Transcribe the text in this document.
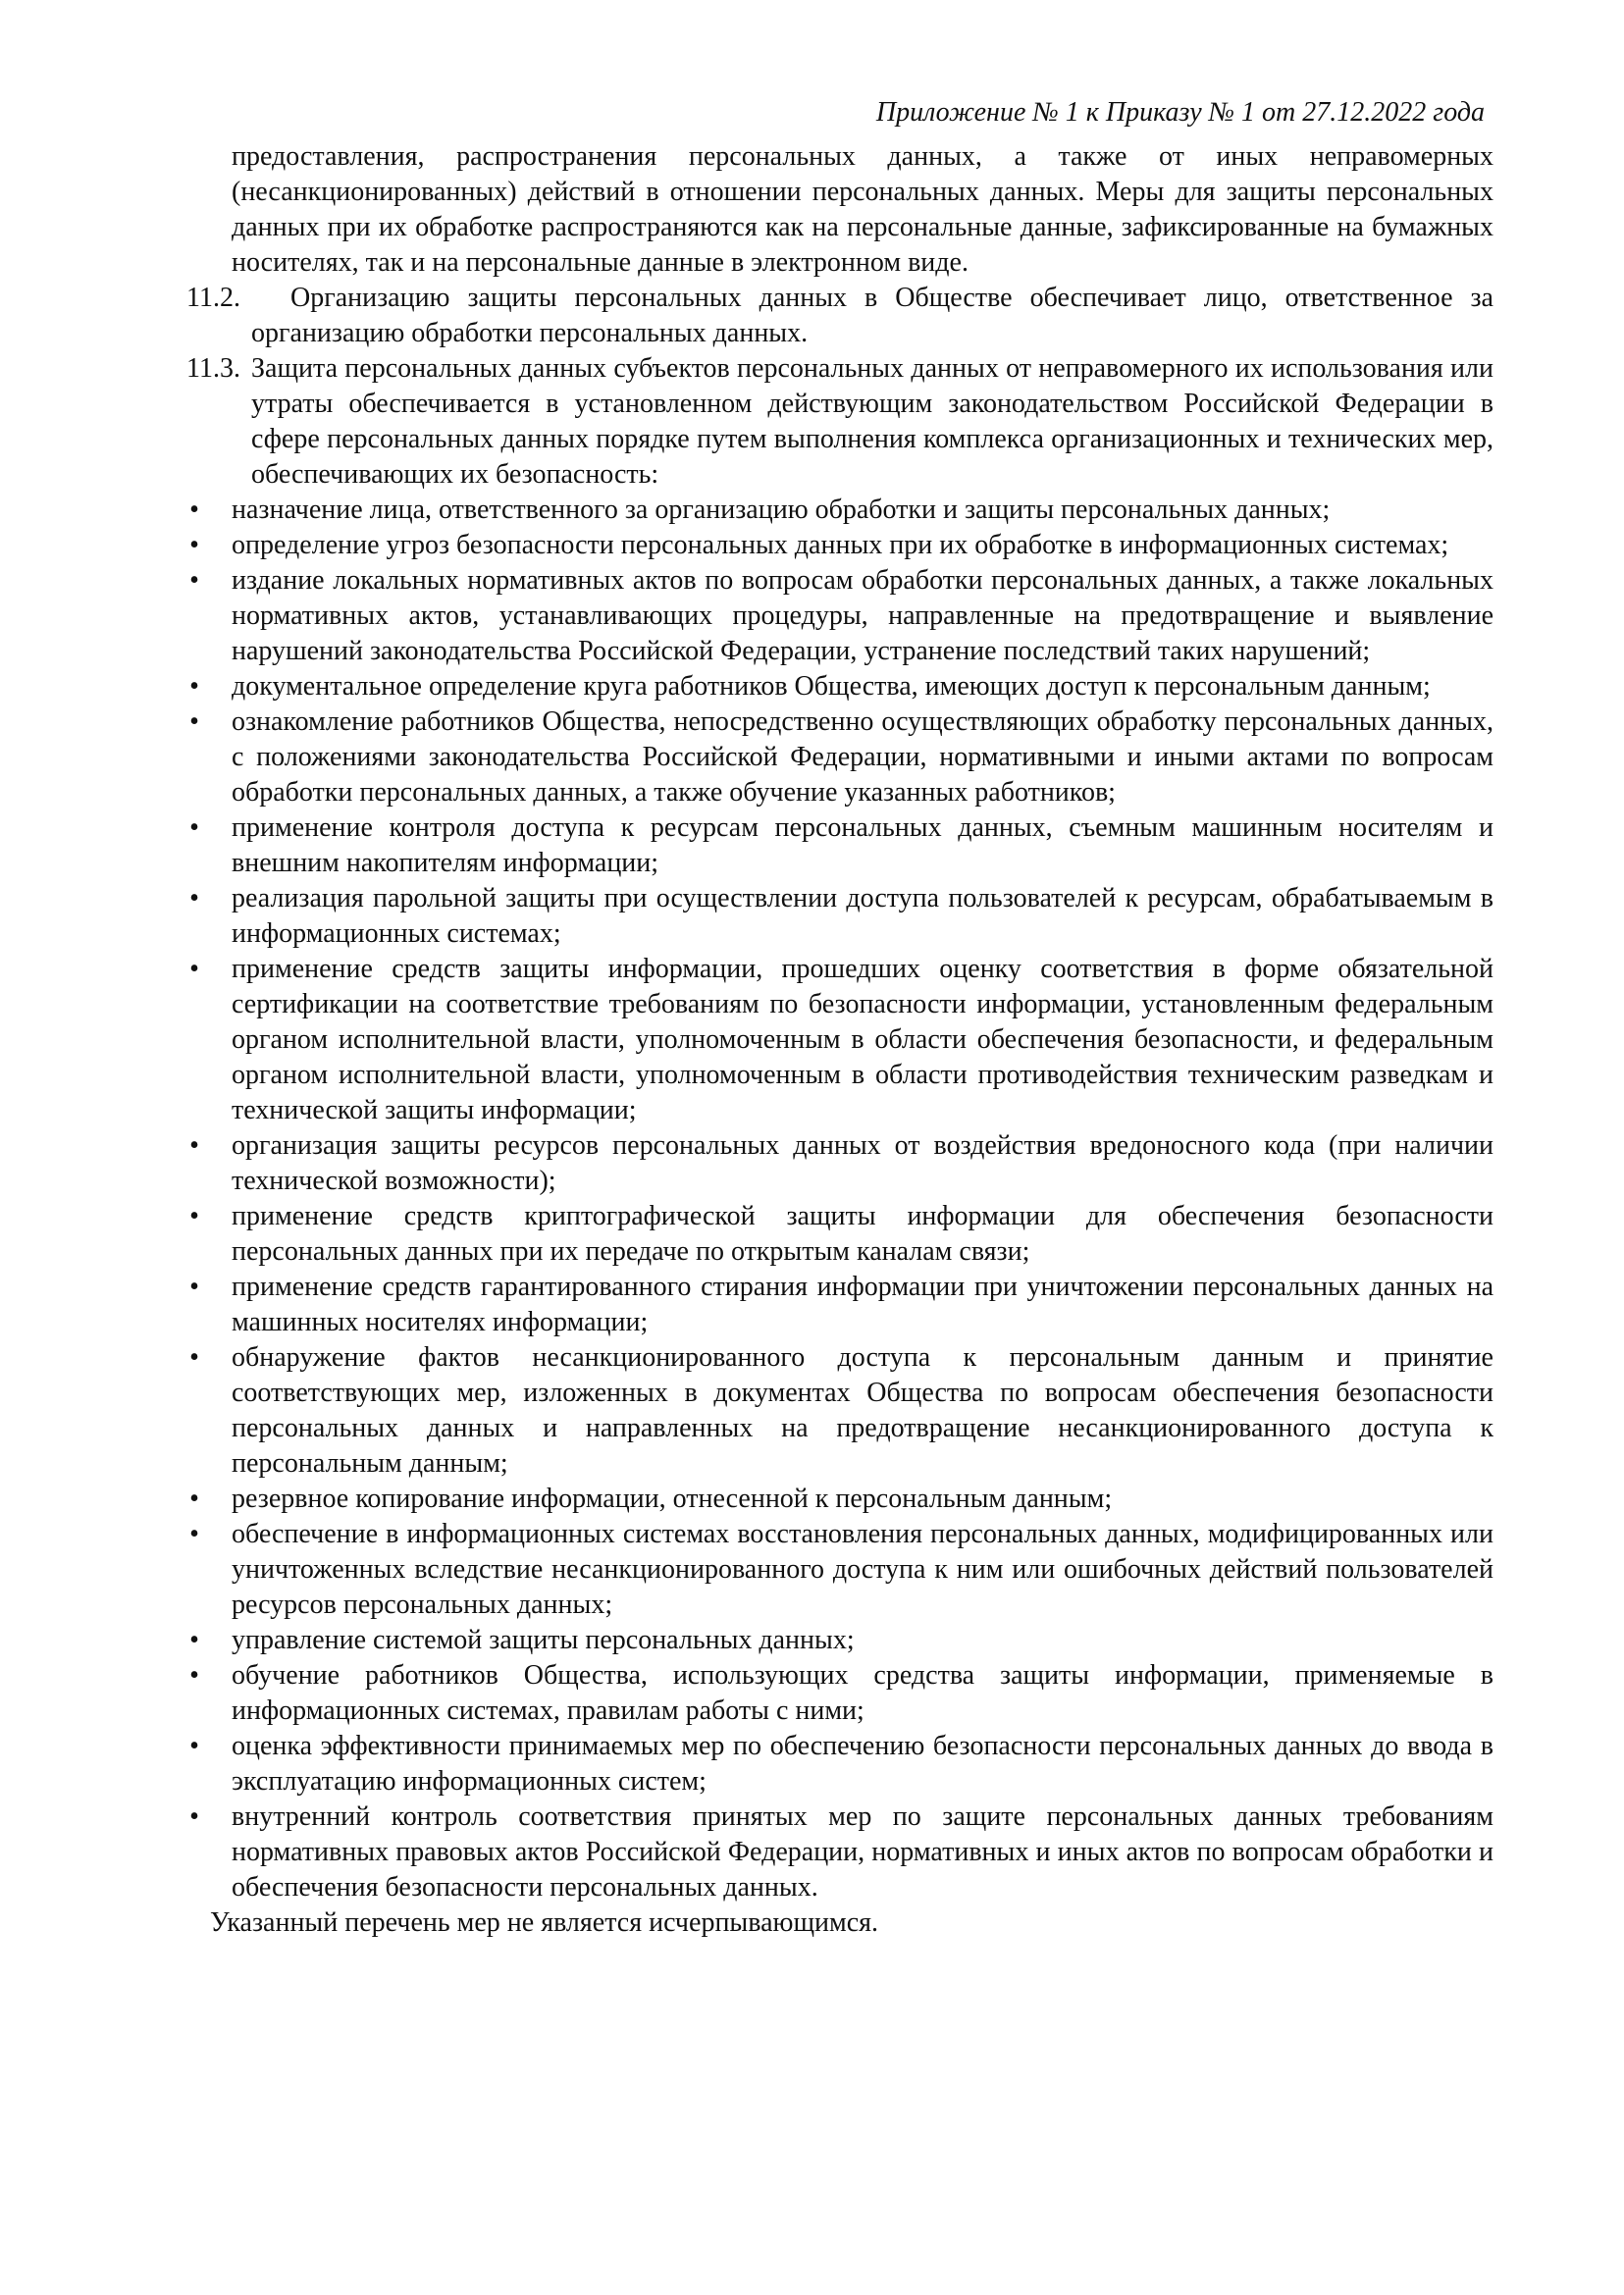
Приложение № 1 к Приказу № 1 от 27.12.2022 года

предоставления, распространения персональных данных, а также от иных неправомерных (несанкционированных) действий в отношении персональных данных. Меры для защиты персональных данных при их обработке распространяются как на персональные данные, зафиксированные на бумажных носителях, так и на персональные данные в электронном виде.

11.2.	Организацию защиты персональных данных в Обществе обеспечивает лицо, ответственное за организацию обработки персональных данных.
11.3. Защита персональных данных субъектов персональных данных от неправомерного их использования или утраты обеспечивается в установленном действующим законодательством Российской Федерации в сфере персональных данных порядке путем выполнения комплекса организационных и технических мер, обеспечивающих их безопасность:
• назначение лица, ответственного за организацию обработки и защиты персональных данных;
• определение угроз безопасности персональных данных при их обработке в информационных системах;
• издание локальных нормативных актов по вопросам обработки персональных данных, а также локальных нормативных актов, устанавливающих процедуры, направленные на предотвращение и выявление нарушений законодательства Российской Федерации, устранение последствий таких нарушений;
• документальное определение круга работников Общества, имеющих доступ к персональным данным;
• ознакомление работников Общества, непосредственно осуществляющих обработку персональных данных, с положениями законодательства Российской Федерации, нормативными и иными актами по вопросам обработки персональных данных, а также обучение указанных работников;
• применение контроля доступа к ресурсам персональных данных, съемным машинным носителям и внешним накопителям информации;
• реализация парольной защиты при осуществлении доступа пользователей к ресурсам, обрабатываемым в информационных системах;
• применение средств защиты информации, прошедших оценку соответствия в форме обязательной сертификации на соответствие требованиям по безопасности информации, установленным федеральным органом исполнительной власти, уполномоченным в области обеспечения безопасности, и федеральным органом исполнительной власти, уполномоченным в области противодействия техническим разведкам и технической защиты информации;
• организация защиты ресурсов персональных данных от воздействия вредоносного кода (при наличии технической возможности);
• применение средств криптографической защиты информации для обеспечения безопасности персональных данных при их передаче по открытым каналам связи;
• применение средств гарантированного стирания информации при уничтожении персональных данных на машинных носителях информации;
• обнаружение фактов несанкционированного доступа к персональным данным и принятие соответствующих мер, изложенных в документах Общества по вопросам обеспечения безопасности персональных данных и направленных на предотвращение несанкционированного доступа к персональным данным;
• резервное копирование информации, отнесенной к персональным данным;
• обеспечение в информационных системах восстановления персональных данных, модифицированных или уничтоженных вследствие несанкционированного доступа к ним или ошибочных действий пользователей ресурсов персональных данных;
• управление системой защиты персональных данных;
• обучение работников Общества, использующих средства защиты информации, применяемые в информационных системах, правилам работы с ними;
• оценка эффективности принимаемых мер по обеспечению безопасности персональных данных до ввода в эксплуатацию информационных систем;
• внутренний контроль соответствия принятых мер по защите персональных данных требованиям нормативных правовых актов Российской Федерации, нормативных и иных актов по вопросам обработки и обеспечения безопасности персональных данных.

Указанный перечень мер не является исчерпывающимся.
